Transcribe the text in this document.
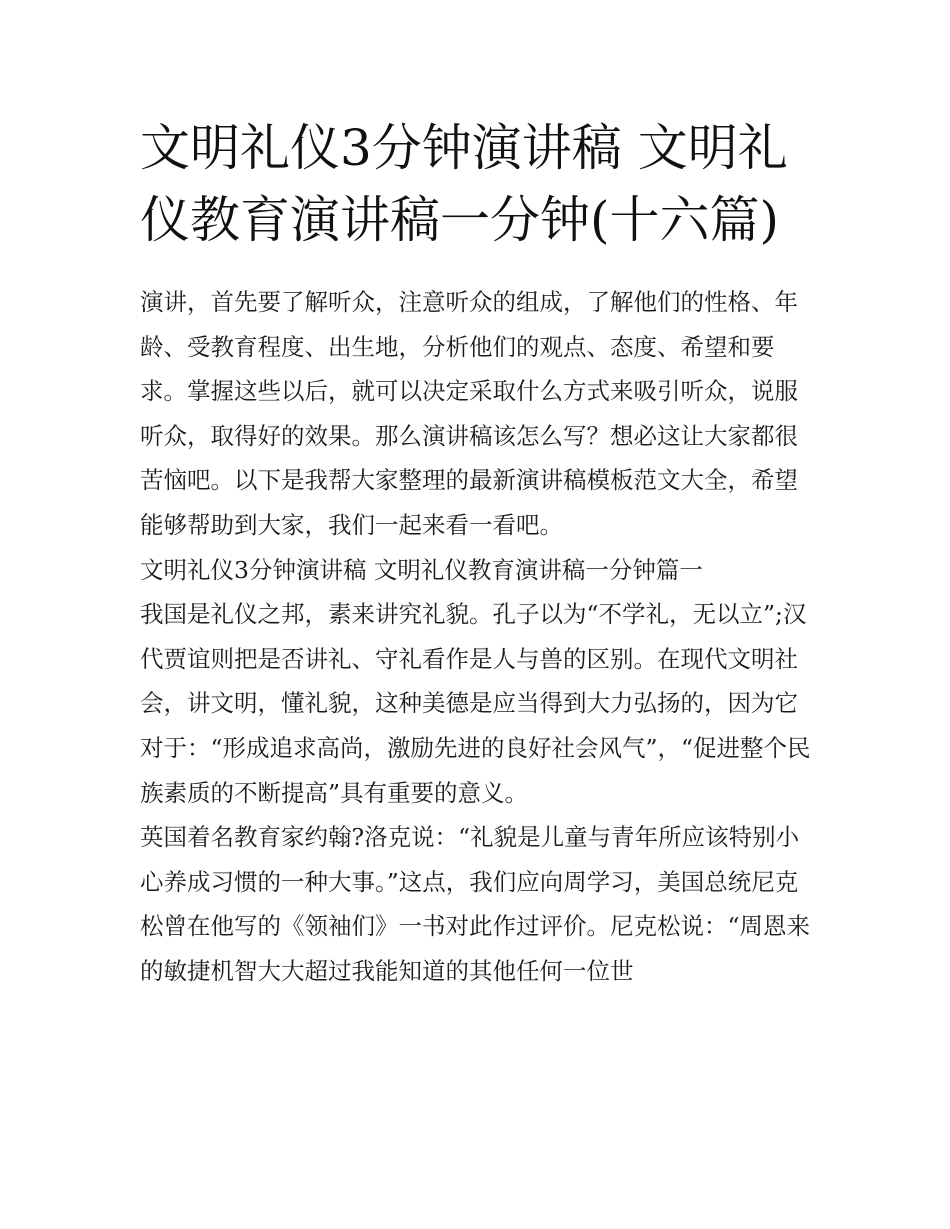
文明礼仪3分钟演讲稿 文明礼仪教育演讲稿一分钟(十六篇)

演讲，首先要了解听众，注意听众的组成，了解他们的性格、年龄、受教育程度、出生地，分析他们的观点、态度、希望和要求。掌握这些以后，就可以决定采取什么方式来吸引听众，说服听众，取得好的效果。那么演讲稿该怎么写？想必这让大家都很苦恼吧。以下是我帮大家整理的最新演讲稿模板范文大全，希望能够帮助到大家，我们一起来看一看吧。

文明礼仪3分钟演讲稿 文明礼仪教育演讲稿一分钟篇一

我国是礼仪之邦，素来讲究礼貌。孔子以为“不学礼，无以立”;汉代贾谊则把是否讲礼、守礼看作是人与兽的区别。在现代文明社会，讲文明，懂礼貌，这种美德是应当得到大力弘扬的，因为它对于：“形成追求高尚，激励先进的良好社会风气”，“促进整个民族素质的不断提高”具有重要的意义。

英国着名教育家约翰?洛克说：“礼貌是儿童与青年所应该特别小心养成习惯的一种大事。”这点，我们应向周学习，美国总统尼克松曾在他写的《领袖们》一书对此作过评价。尼克松说：“周恩来的敏捷机智大大超过我能知道的其他任何一位世
